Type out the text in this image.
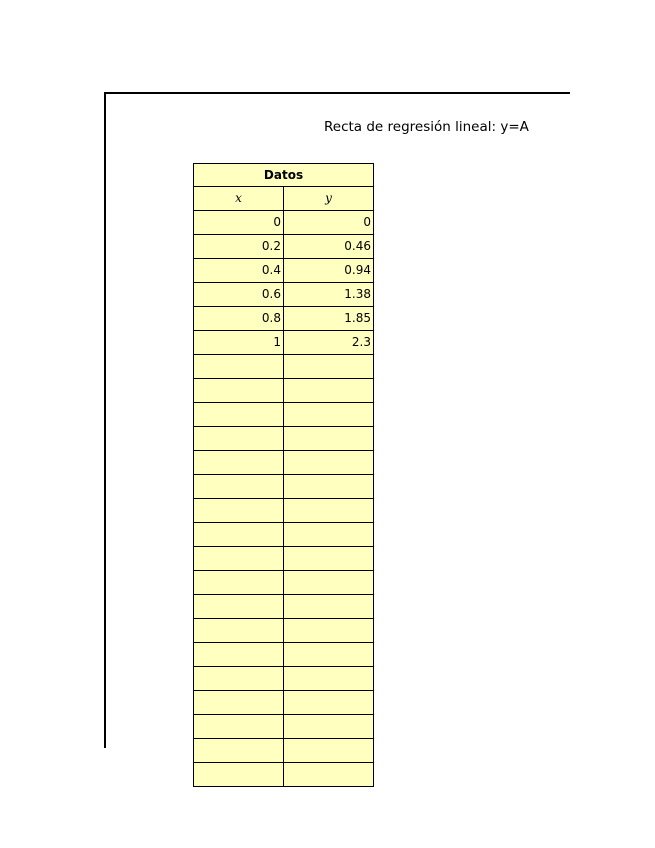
Recta de regresión lineal: y=A
Datos
x	y
0	0
0.2	0.46
0.4	0.94
0.6	1.38
0.8	1.85
1	2.3
